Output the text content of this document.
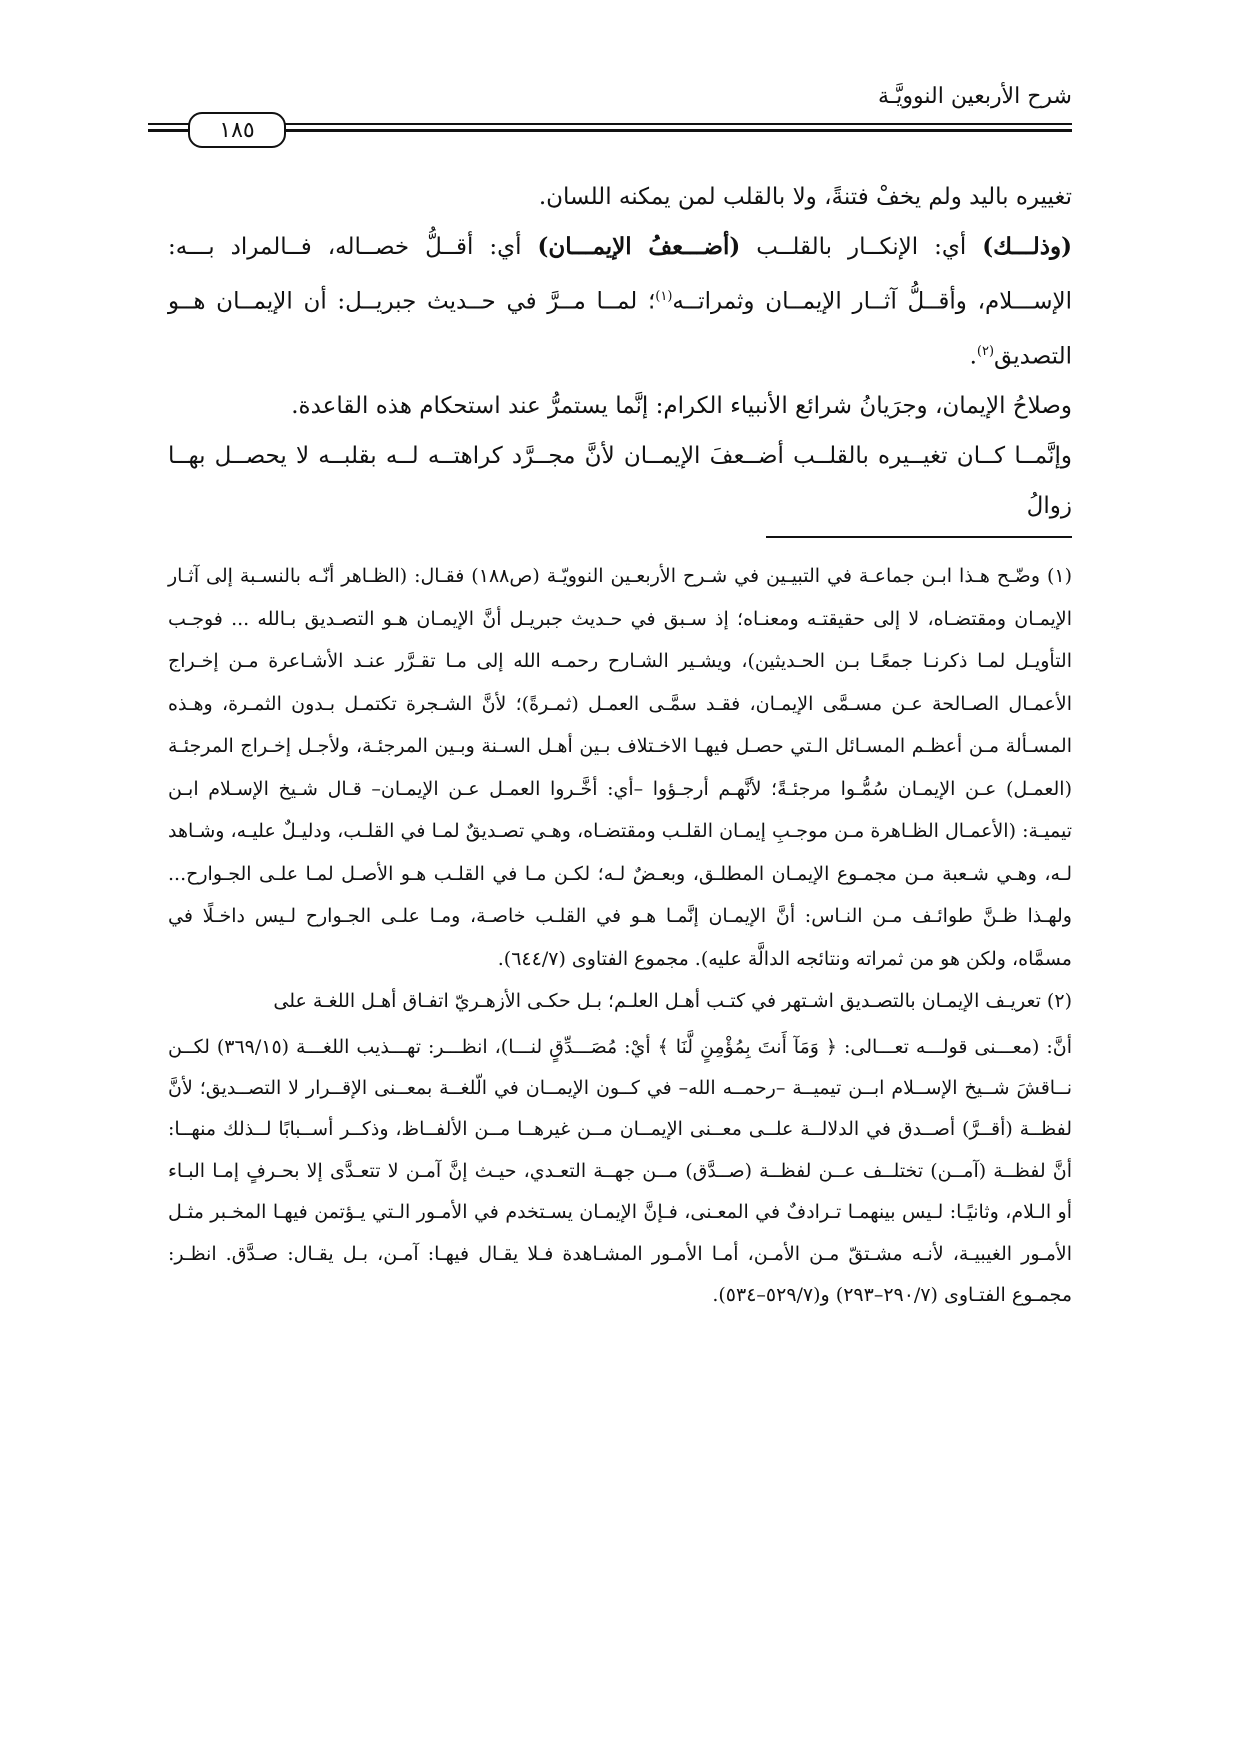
شرح الأربعين النوويَّـة
١٨٥

تغييره باليد ولم يخفْ فتنةً، ولا بالقلب لمن يمكنه اللسان.

(وذلـــك) أي: الإنكــار بالقلــب (أضـــعفُ الإيمـــان) أي: أقــلُّ خصــاله، فــالمراد بـــه: الإســـلام، وأقــلُّ آثــار الإيمــان وثمراتــه$^{(١)}$؛ لمــا مــرَّ في حــديث جبريــل: أن الإيمــان هــو التصديق$^{(٢)}$.

وصلاحُ الإيمان، وجرَيانُ شرائع الأنبياء الكرام: إنَّما يستمرُّ عند استحكام هذه القاعدة.

وإنَّمــا كــان تغيــيره بالقلــب أضــعفَ الإيمــان لأنَّ مجــرَّد كراهتــه لــه بقلبــه لا يحصــل بهــا زوالُ

(١) وضّـح هـذا ابـن جماعـة في التبيـين في شـرح الأربعـين النوويّـة (ص١٨٨) فقـال: (الظـاهر أنّـه بالنسـبة إلى آثـار الإيمـان ومقتضـاه، لا إلى حقيقتـه ومعنـاه؛ إذ سـبق في حـديث جبريـل أنَّ الإيمـان هـو التصـديق بـالله ... فوجـب التأويـل لمـا ذكرنـا جمعًـا بـن الحـديثين)، ويشـير الشـارح رحمـه الله إلى مـا تقـرَّر عنـد الأشـاعرة مـن إخـراج الأعمـال الصـالحة عـن مسـمَّى الإيمـان، فقـد سمَّـى العمـل (ثمـرةً)؛ لأنَّ الشـجرة تكتمـل بـدون الثمـرة، وهـذه المسـألة مـن أعظـم المسـائل الـتي حصـل فيهـا الاخـتلاف بـين أهـل السـنة وبـين المرجئـة، ولأجـل إخـراج المرجئـة (العمـل) عـن الإيمـان سُمُّـوا مرجئـةً؛ لأنَّهـم أرجـؤوا –أي: أخَّـروا العمـل عـن الإيمـان– قـال شـيخ الإسـلام ابـن تيميـة: (الأعمـال الظـاهرة مـن موجـبِ إيمـان القلـب ومقتضـاه، وهـي تصـديقٌ لمـا في القلـب، ودليـلٌ عليـه، وشـاهد لـه، وهـي شـعبة مـن مجمـوع الإيمـان المطلـق، وبعـضٌ لـه؛ لكـن مـا في القلـب هـو الأصـل لمـا علـى الجـوارح... ولهـذا ظـنَّ طوائـف مـن النـاس: أنَّ الإيمـان إنَّمـا هـو في القلـب خاصـة، ومـا علـى الجـوارح لـيس داخـلًا في مسمَّاه، ولكن هو من ثمراته ونتائجه الدالَّة عليه). مجموع الفتاوى (٦٤٤/٧).

(٢) تعريـف الإيمـان بالتصـديق اشـتهر في كتـب أهـل العلـم؛ بـل حكـى الأزهـريّ اتفـاق أهـل اللغـة على

أنَّ: (معـــنى قولـــه تعـــالى: ﴿ وَمَآ أَنتَ بِمُؤْمِنٍ لَّنَا ﴾ أيْ: مُصَـــدِّقٍ لنـــا)، انظـــر: تهـــذيب اللغـــة (٣٦٩/١٥) لكــن نــاقشَ شــيخ الإســلام ابــن تيميــة –رحمــه الله– في كــون الإيمــان في الّلغــة بمعــنى الإقــرار لا التصــديق؛ لأنَّ لفظــة (أقــرَّ) أصــدق في الدلالــة علــى معــنى الإيمــان مــن غيرهــا مــن الألفــاظ، وذكــر أســبابًا لــذلك منهــا: أنَّ لفظــة (آمــن) تختلــف عــن لفظــة (صــدَّق) مــن جهــة التعـدي، حيـث إنَّ آمـن لا تتعـدَّى إلا بحـرفٍ إمـا البـاء أو الـلام، وثانيًـا: لـيس بينهمـا تـرادفٌ في المعـنى، فـإنَّ الإيمـان يسـتخدم في الأمـور الـتي يـؤتمن فيهـا المخـبر مثـل الأمـور الغيبيـة، لأنـه مشـتقّ مـن الأمـن، أمـا الأمـور المشـاهدة فـلا يقـال فيهـا: آمـن، بـل يقـال: صـدَّق. انظـر: مجمـوع الفتـاوى (٢٩٠/٧–٢٩٣) و(٥٢٩/٧–٥٣٤).
